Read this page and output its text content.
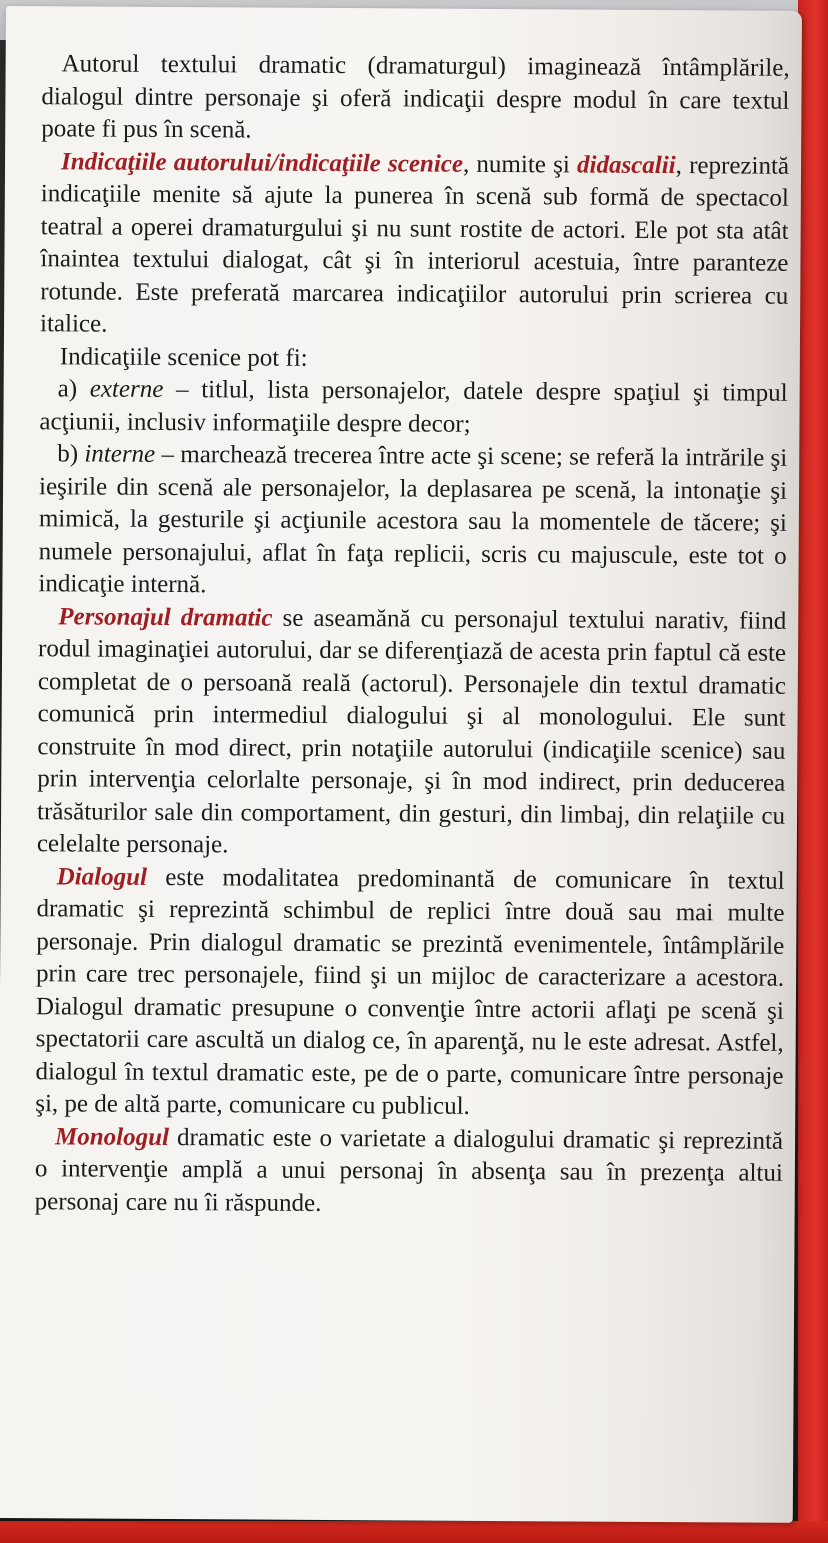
Autorul textului dramatic (dramaturgul) imaginează întâmplările, dialogul dintre personaje şi oferă indicaţii despre modul în care textul poate fi pus în scenă.

Indicaţiile autorului/indicaţiile scenice, numite şi didascalii, reprezintă indicaţiile menite să ajute la punerea în scenă sub formă de spectacol teatral a operei dramaturgului şi nu sunt rostite de actori. Ele pot sta atât înaintea textului dialogat, cât şi în interiorul acestuia, între paranteze rotunde. Este preferată marcarea indicaţiilor autorului prin scrierea cu italice.

Indicaţiile scenice pot fi:

a) externe – titlul, lista personajelor, datele despre spaţiul şi timpul acţiunii, inclusiv informaţiile despre decor;

b) interne – marchează trecerea între acte şi scene; se referă la intrările şi ieşirile din scenă ale personajelor, la deplasarea pe scenă, la intonaţie şi mimică, la gesturile şi acţiunile acestora sau la momentele de tăcere; şi numele personajului, aflat în faţa replicii, scris cu majuscule, este tot o indicaţie internă.

Personajul dramatic se aseamănă cu personajul textului narativ, fiind rodul imaginaţiei autorului, dar se diferenţiază de acesta prin faptul că este completat de o persoană reală (actorul). Personajele din textul dramatic comunică prin intermediul dialogului şi al monologului. Ele sunt construite în mod direct, prin notaţiile autorului (indicaţiile scenice) sau prin intervenţia celorlalte personaje, şi în mod indirect, prin deducerea trăsăturilor sale din comportament, din gesturi, din limbaj, din relaţiile cu celelalte personaje.

Dialogul este modalitatea predominantă de comunicare în textul dramatic şi reprezintă schimbul de replici între două sau mai multe personaje. Prin dialogul dramatic se prezintă evenimentele, întâmplările prin care trec personajele, fiind şi un mijloc de caracterizare a acestora. Dialogul dramatic presupune o convenţie între actorii aflaţi pe scenă şi spectatorii care ascultă un dialog ce, în aparenţă, nu le este adresat. Astfel, dialogul în textul dramatic este, pe de o parte, comunicare între personaje şi, pe de altă parte, comunicare cu publicul.

Monologul dramatic este o varietate a dialogului dramatic şi reprezintă o intervenţie amplă a unui personaj în absenţa sau în prezenţa altui personaj care nu îi răspunde.
